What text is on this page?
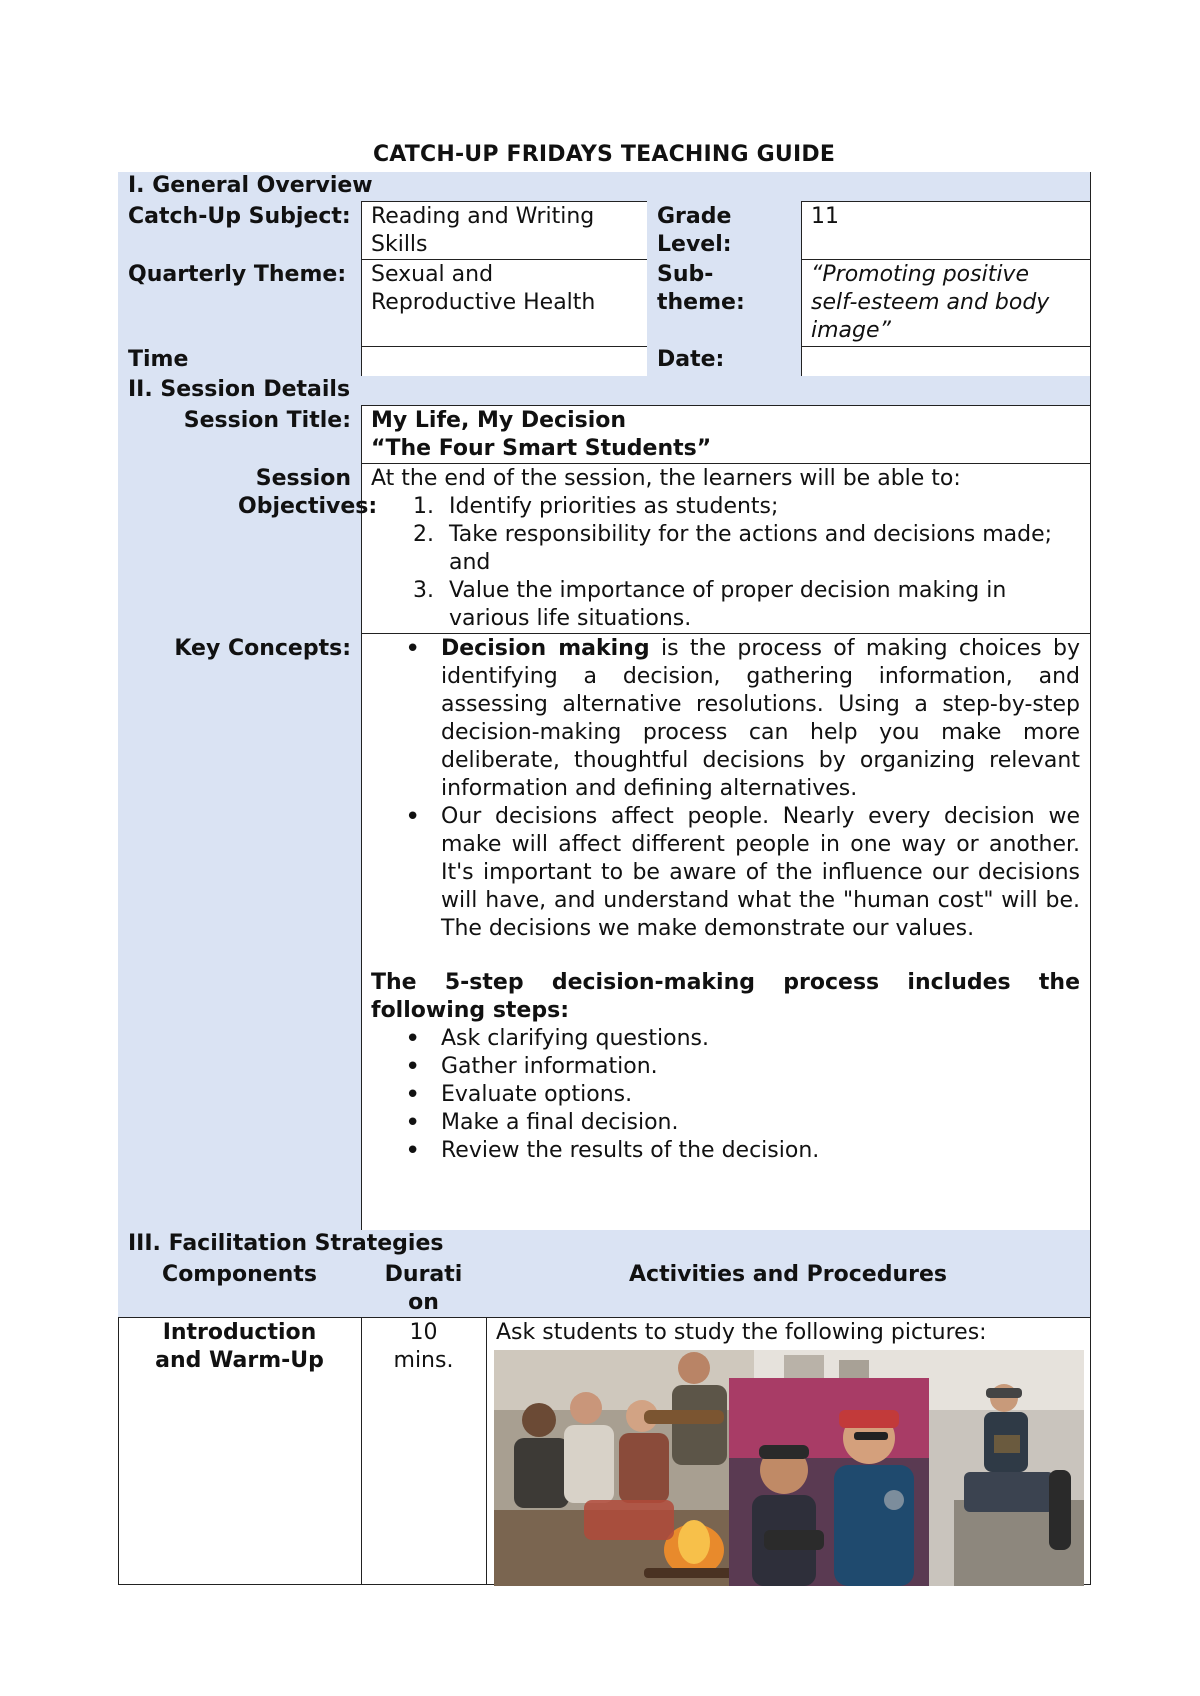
CATCH-UP FRIDAYS TEACHING GUIDE
I. General Overview
Catch-Up Subject: Reading and Writing Skills
Grade Level:
11
Quarterly Theme:	Sexual and Reproductive Health
Sub-theme:
“Promoting positive self-esteem and body image”
Time	Date:
II. Session Details
Session Title: My Life, My Decision
“The Four Smart Students”
Session Objectives:
At the end of the session, the learners will be able to:
1. Identify priorities as students;
2. Take responsibility for the actions and decisions made; and
3. Value the importance of proper decision making in various life situations.
Key Concepts:
•	Decision making is the process of making choices by identifying a decision, gathering information, and assessing alternative resolutions. Using a step-by-step decision-making process can help you make more deliberate, thoughtful decisions by organizing relevant information and defining alternatives.
• Our decisions affect people. Nearly every decision we make will affect different people in one way or another. It's important to be aware of the influence our decisions will have, and understand what the "human cost" will be. The decisions we make demonstrate our values.
The 5-step decision-making process includes the following steps:
• Ask clarifying questions.
• Gather information.
• Evaluate options.
• Make a final decision.
• Review the results of the decision.
III. Facilitation Strategies
Components	Durati on
Activities and Procedures
Introduction and Warm-Up
10 mins.
Ask students to study the following pictures:
